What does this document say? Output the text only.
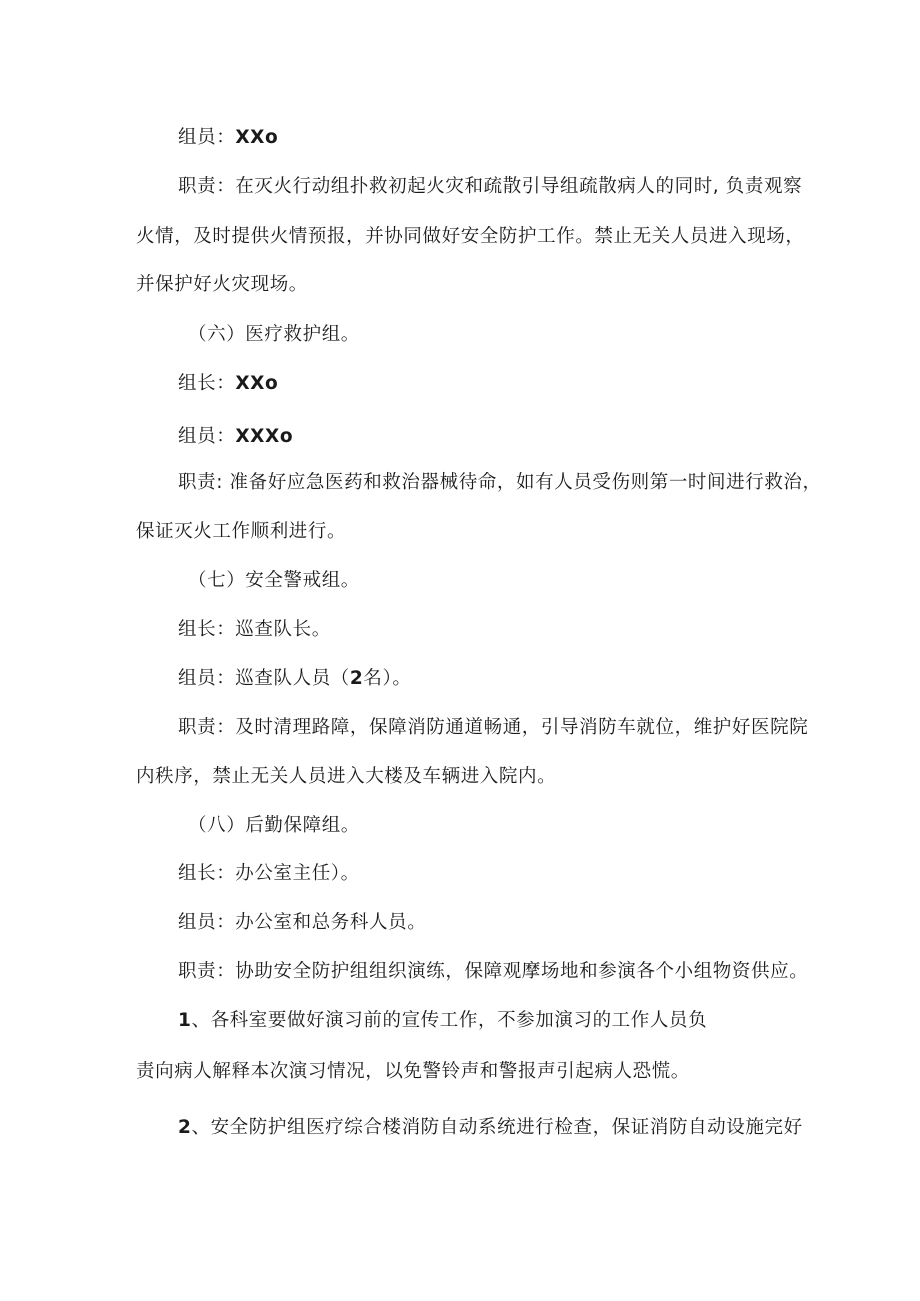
组员：XXo
职责：在灭火行动组扑救初起火灾和疏散引导组疏散病人的同时, 负责观察
火情，及时提供火情预报，并协同做好安全防护工作。禁止无关人员进入现场，
并保护好火灾现场。
（六）医疗救护组。
组长：XXo
组员：XXXo
职责: 准备好应急医药和救治器械待命，如有人员受伤则第一时间进行救治，
保证灭火工作顺利进行。
（七）安全警戒组。
组长：巡查队长。
组员：巡查队人员（2名）。
职责：及时清理路障，保障消防通道畅通，引导消防车就位，维护好医院院
内秩序，禁止无关人员进入大楼及车辆进入院内。
（八）后勤保障组。
组长：办公室主任）。
组员：办公室和总务科人员。
职责：协助安全防护组组织演练，保障观摩场地和参演各个小组物资供应。
1、各科室要做好演习前的宣传工作，不参加演习的工作人员负
责向病人解释本次演习情况，以免警铃声和警报声引起病人恐慌。
2、安全防护组医疗综合楼消防自动系统进行检查，保证消防自动设施完好
